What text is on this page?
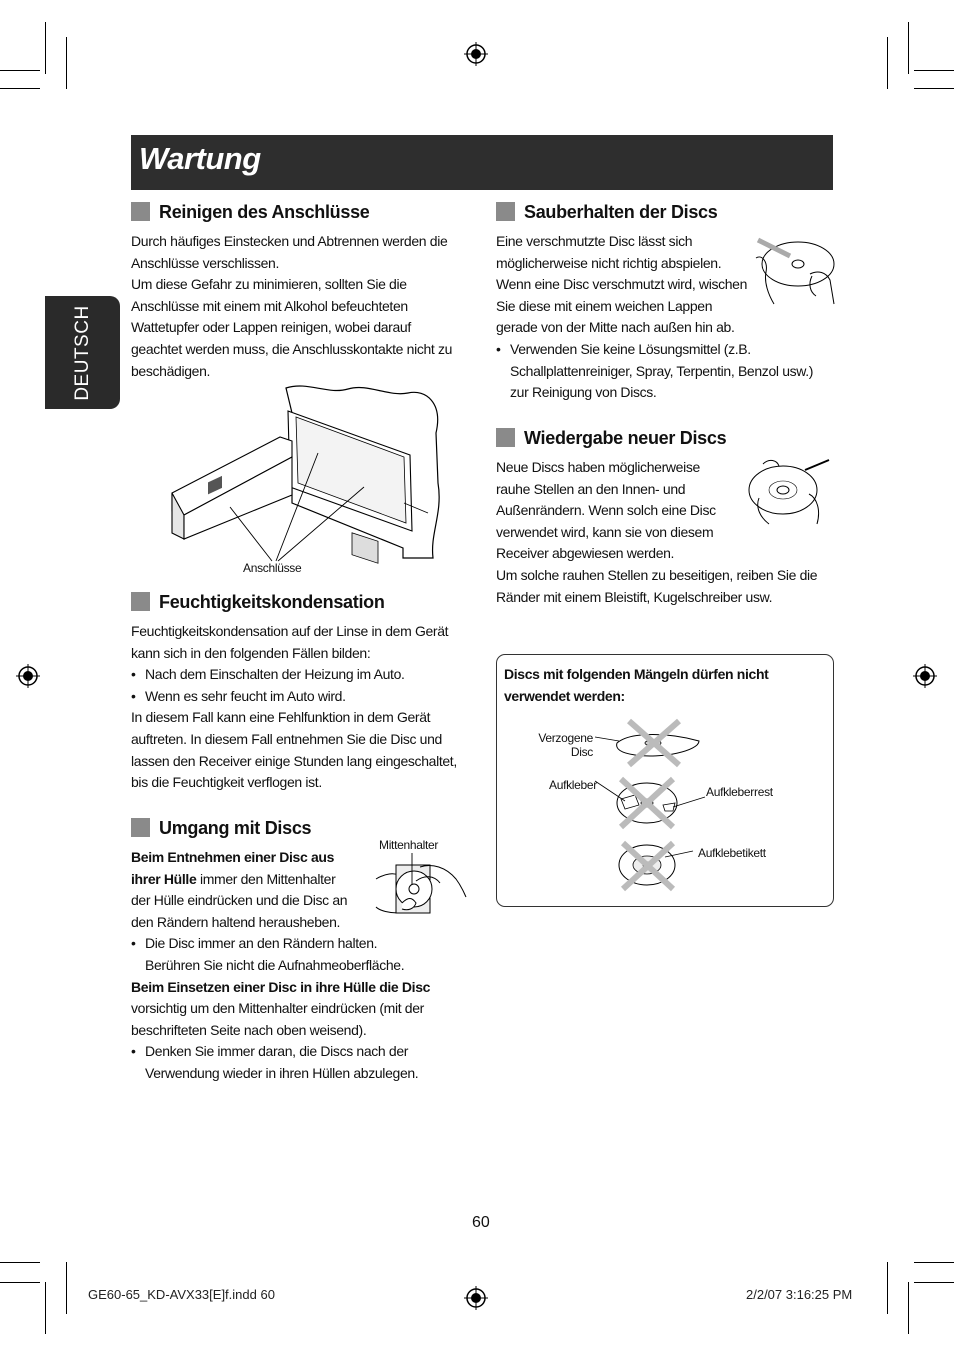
Wartung
DEUTSCH
Reinigen des Anschlüsse
Durch häufiges Einstecken und Abtrennen werden die
Anschlüsse verschlissen.
Um diese Gefahr zu minimieren, sollten Sie die
Anschlüsse mit einem mit Alkohol befeuchteten
Wattetupfer oder Lappen reinigen, wobei darauf
geachtet werden muss, die Anschlusskontakte nicht zu
beschädigen.
Anschlüsse
Feuchtigkeitskondensation
Feuchtigkeitskondensation auf der Linse in dem Gerät
kann sich in den folgenden Fällen bilden:
• Nach dem Einschalten der Heizung im Auto.
• Wenn es sehr feucht im Auto wird.
In diesem Fall kann eine Fehlfunktion in dem Gerät
auftreten. In diesem Fall entnehmen Sie die Disc und
lassen den Receiver einige Stunden lang eingeschaltet,
bis die Feuchtigkeit verflogen ist.
Umgang mit Discs
Mittenhalter
Beim Entnehmen einer Disc aus
ihrer Hülle immer den Mittenhalter
der Hülle eindrücken und die Disc an
den Rändern haltend herausheben.
• Die Disc immer an den Rändern halten.
Berühren Sie nicht die Aufnahmeoberfläche.
Beim Einsetzen einer Disc in ihre Hülle die Disc
vorsichtig um den Mittenhalter eindrücken (mit der
beschrifteten Seite nach oben weisend).
• Denken Sie immer daran, die Discs nach der
Verwendung wieder in ihren Hüllen abzulegen.
Sauberhalten der Discs
Eine verschmutzte Disc lässt sich
möglicherweise nicht richtig abspielen.
Wenn eine Disc verschmutzt wird, wischen
Sie diese mit einem weichen Lappen
gerade von der Mitte nach außen hin ab.
• Verwenden Sie keine Lösungsmittel (z.B.
Schallplattenreiniger, Spray, Terpentin, Benzol usw.)
zur Reinigung von Discs.
Wiedergabe neuer Discs
Neue Discs haben möglicherweise
rauhe Stellen an den Innen- und
Außenrändern. Wenn solch eine Disc
verwendet wird, kann sie von diesem
Receiver abgewiesen werden.
Um solche rauhen Stellen zu beseitigen, reiben Sie die
Ränder mit einem Bleistift, Kugelschreiber usw.
Discs mit folgenden Mängeln dürfen nicht
verwendet werden:
Verzogene
Disc
Aufkleber	Aufkleberrest
Aufklebetikett
60
GE60-65_KD-AVX33[E]f.indd 60	2/2/07 3:16:25 PM
